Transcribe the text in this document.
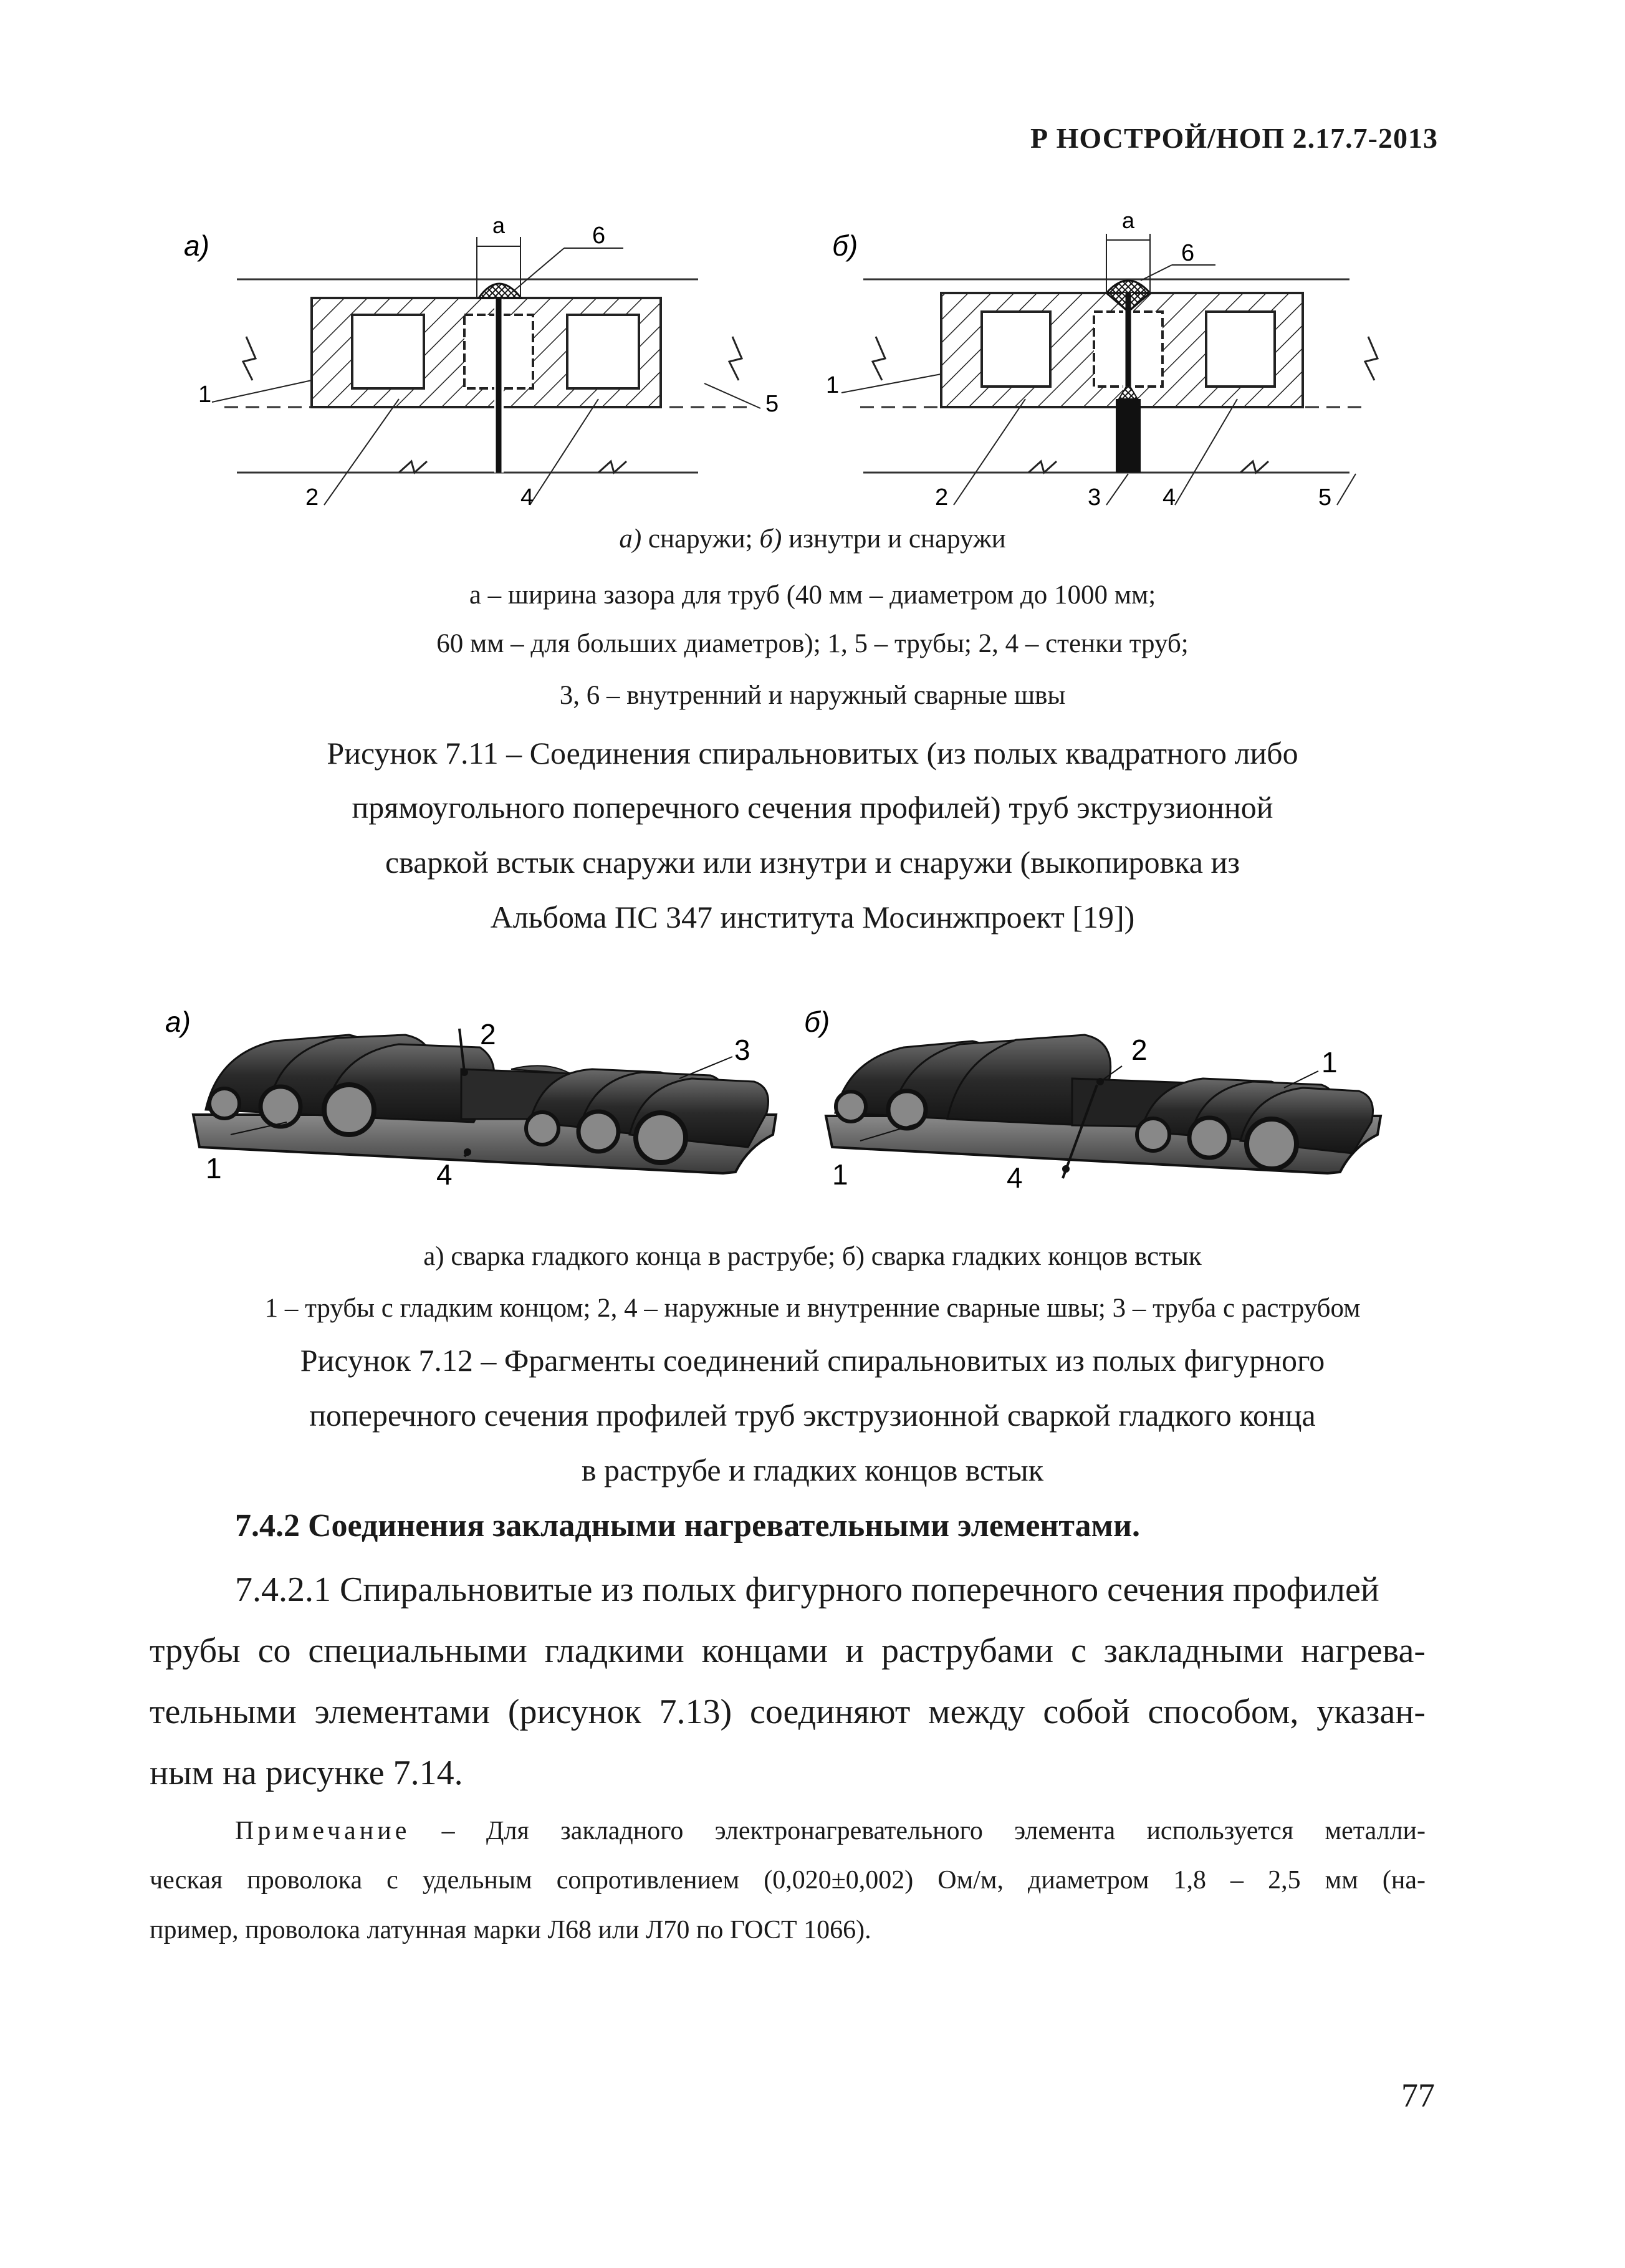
Р НОСТРОЙ/НОП 2.17.7-2013
а)
а	6
1	5
2	4
б)
а
6
1
2	3	4	5
а) снаружи; б) изнутри и снаружи
а – ширина зазора для труб (40 мм – диаметром до 1000 мм;
60 мм – для больших диаметров); 1, 5 – трубы; 2, 4 – стенки труб;
3, 6 – внутренний и наружный сварные швы
Рисунок 7.11 – Соединения спиральновитых (из полых квадратного либо
прямоугольного поперечного сечения профилей) труб экструзионной
сваркой встык снаружи или изнутри и снаружи (выкопировка из
Альбома ПС 347 института Мосинжпроект [19])
а)	2	3
1	4
б)
2	1
1	4
а) сварка гладкого конца в раструбе; б) сварка гладких концов встык
1 – трубы с гладким концом; 2, 4 – наружные и внутренние сварные швы; 3 – труба с раструбом
Рисунок 7.12 – Фрагменты соединений спиральновитых из полых фигурного
поперечного сечения профилей труб экструзионной сваркой гладкого конца
в раструбе и гладких концов встык
7.4.2 Соединения закладными нагревательными элементами.
7.4.2.1 Спиральновитые из полых фигурного поперечного сечения профилей
трубы со специальными гладкими концами и раструбами с закладными нагрева-
тельными элементами (рисунок 7.13) соединяют между собой способом, указан-
ным на рисунке 7.14.
Примечание – Для закладного электронагревательного элемента используется металли-
ческая проволока с удельным сопротивлением (0,020±0,002) Ом/м, диаметром 1,8 – 2,5 мм (на-
пример, проволока латунная марки Л68 или Л70 по ГОСТ 1066).
77
